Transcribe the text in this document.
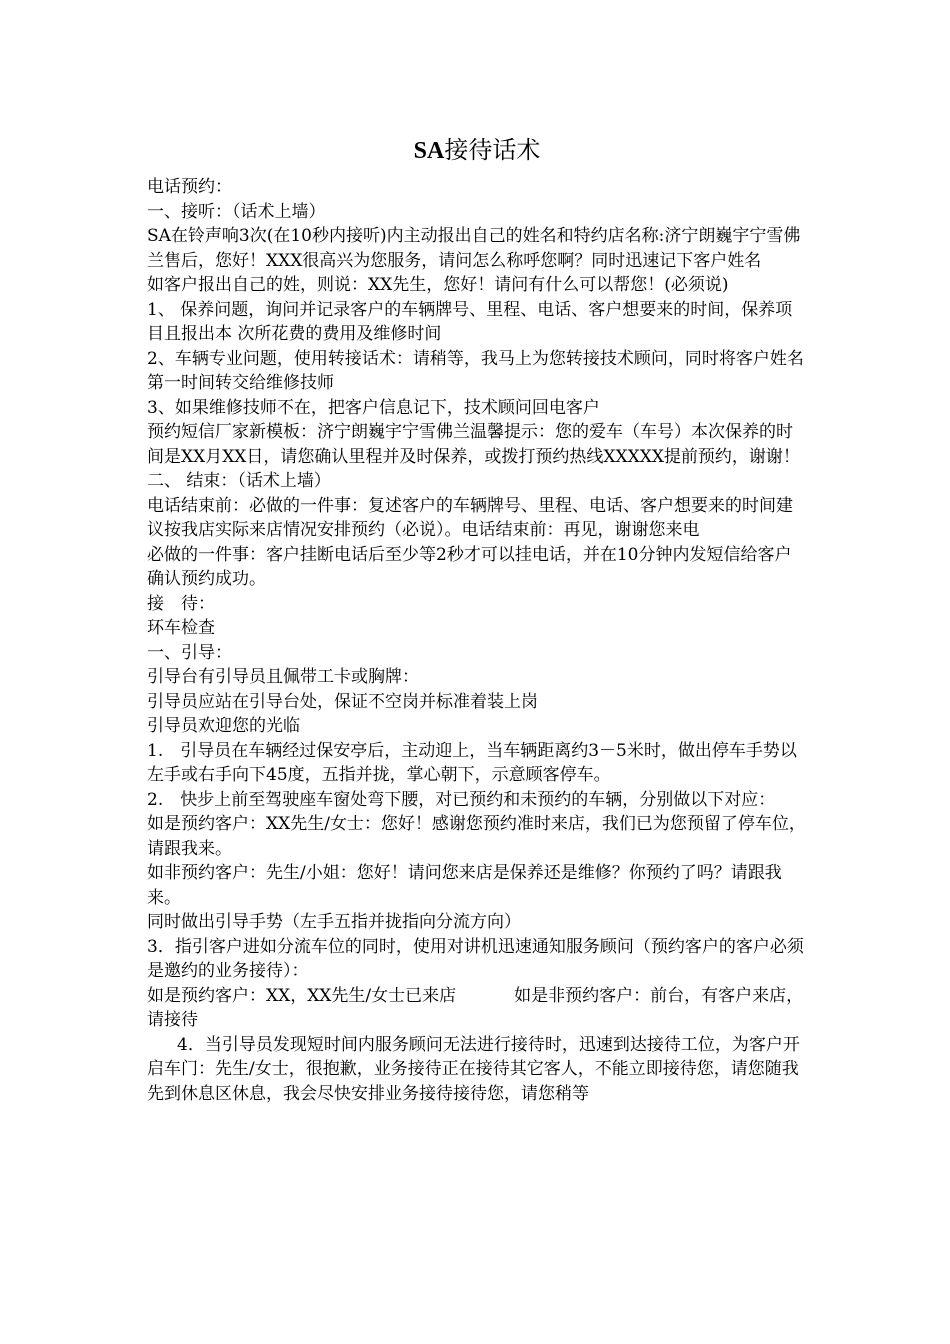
SA接待话术

电话预约：

一、接听：（话术上墙）

SA在铃声响3次(在10秒内接听)内主动报出自己的姓名和特约店名称:济宁朗巍宇宁雪佛兰售后，您好！XXX很高兴为您服务，请问怎么称呼您啊？同时迅速记下客户姓名

如客户报出自己的姓，则说：XX先生，您好！请问有什么可以帮您！(必须说)

1、 保养问题，询问并记录客户的车辆牌号、里程、电话、客户想要来的时间，保养项目且报出本 次所花费的费用及维修时间

2、车辆专业问题，使用转接话术：请稍等，我马上为您转接技术顾问，同时将客户姓名第一时间转交给维修技师

3、如果维修技师不在，把客户信息记下，技术顾问回电客户

预约短信厂家新模板：济宁朗巍宇宁雪佛兰温馨提示：您的爱车（车号）本次保养的时间是XX月XX日，请您确认里程并及时保养，或拨打预约热线XXXXX提前预约，谢谢！

二、 结束：（话术上墙）

电话结束前：必做的一件事：复述客户的车辆牌号、里程、电话、客户想要来的时间建议按我店实际来店情况安排预约（必说）。电话结束前：再见，谢谢您来电

必做的一件事：客户挂断电话后至少等2秒才可以挂电话，并在10分钟内发短信给客户确认预约成功。

接　待：

环车检查

一、引导：

引导台有引导员且佩带工卡或胸牌：

引导员应站在引导台处，保证不空岗并标准着装上岗

引导员欢迎您的光临

1.　引导员在车辆经过保安亭后，主动迎上，当车辆距离约3－5米时，做出停车手势以左手或右手向下45度，五指并拢，掌心朝下，示意顾客停车。

2.　快步上前至驾驶座车窗处弯下腰，对已预约和未预约的车辆，分别做以下对应：

如是预约客户：XX先生/女士：您好！感谢您预约准时来店，我们已为您预留了停车位，请跟我来。

如非预约客户：先生/小姐：您好！请问您来店是保养还是维修？你预约了吗？请跟我来。

同时做出引导手势（左手五指并拢指向分流方向）

3．指引客户进如分流车位的同时，使用对讲机迅速通知服务顾问（预约客户的客户必须是邀约的业务接待）：

如是预约客户：XX，XX先生/女士已来店	如是非预约客户：前台，有客户来店，请接待

4．当引导员发现短时间内服务顾问无法进行接待时，迅速到达接待工位，为客户开启车门：先生/女士，很抱歉，业务接待正在接待其它客人，不能立即接待您，请您随我先到休息区休息，我会尽快安排业务接待接待您，请您稍等
